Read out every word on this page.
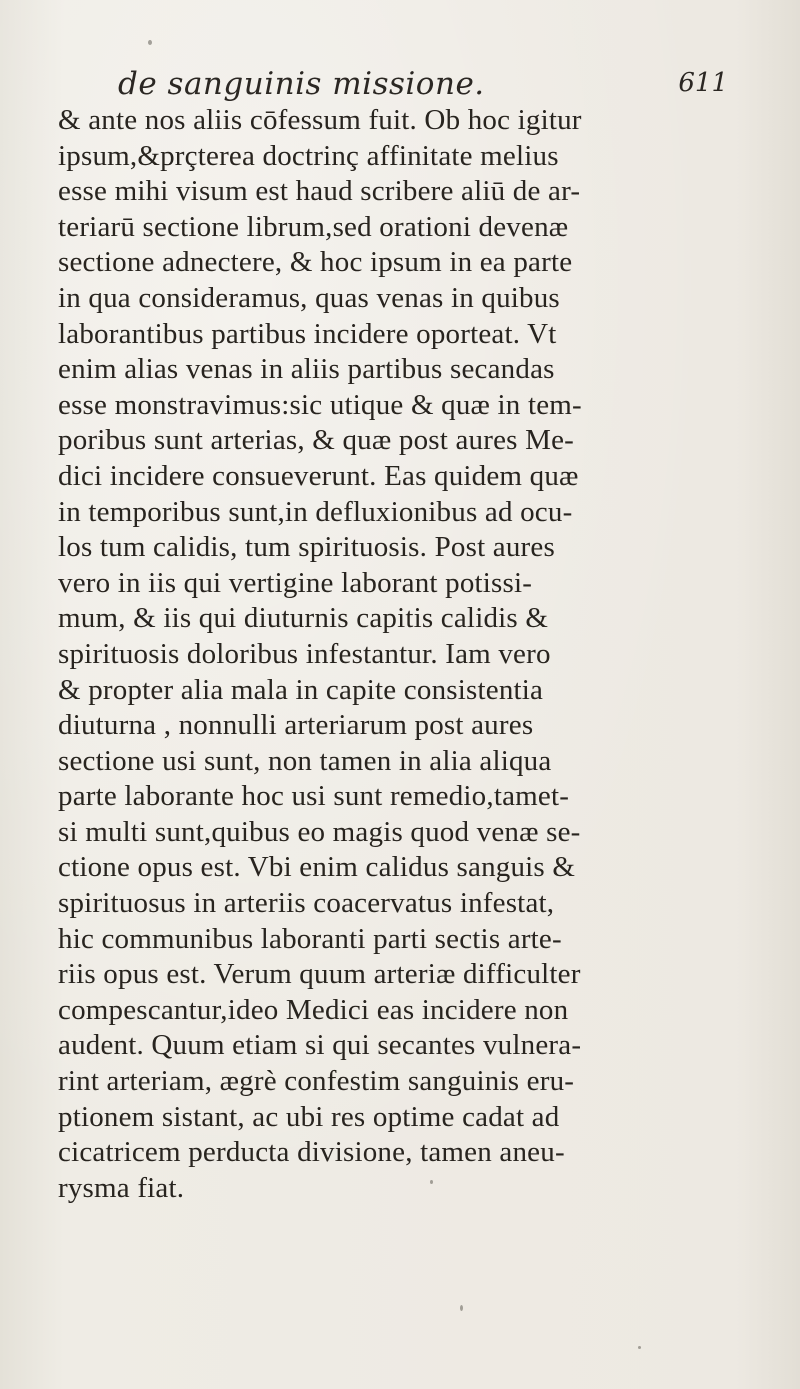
de sanguinis missione.	611
& ante nos aliis cōfessum fuit. Ob hoc igitur
ipsum,&prçterea doctrinç affinitate melius
esse mihi visum est haud scribere aliū de ar-
teriarū sectione librum,sed orationi devenæ
sectione adnectere, & hoc ipsum in ea parte
in qua consideramus, quas venas in quibus
laborantibus partibus incidere oporteat. Vt
enim alias venas in aliis partibus secandas
esse monstravimus:sic utique & quæ in tem-
poribus sunt arterias, & quæ post aures Me-
dici incidere consueverunt. Eas quidem quæ
in temporibus sunt,in defluxionibus ad ocu-
los tum calidis, tum spirituosis. Post aures
vero in iis qui vertigine laborant potissi-
mum, & iis qui diuturnis capitis calidis &
spirituosis doloribus infestantur. Iam vero
& propter alia mala in capite consistentia
diuturna , nonnulli arteriarum post aures
sectione usi sunt, non tamen in alia aliqua
parte laborante hoc usi sunt remedio,tamet-
si multi sunt,quibus eo magis quod venæ se-
ctione opus est. Vbi enim calidus sanguis &
spirituosus in arteriis coacervatus infestat,
hic communibus laboranti parti sectis arte-
riis opus est. Verum quum arteriæ difficulter
compescantur,ideo Medici eas incidere non
audent. Quum etiam si qui secantes vulnera-
rint arteriam, ægrè confestim sanguinis eru-
ptionem sistant, ac ubi res optime cadat ad
cicatricem perducta divisione, tamen aneu-
rysma fiat.
